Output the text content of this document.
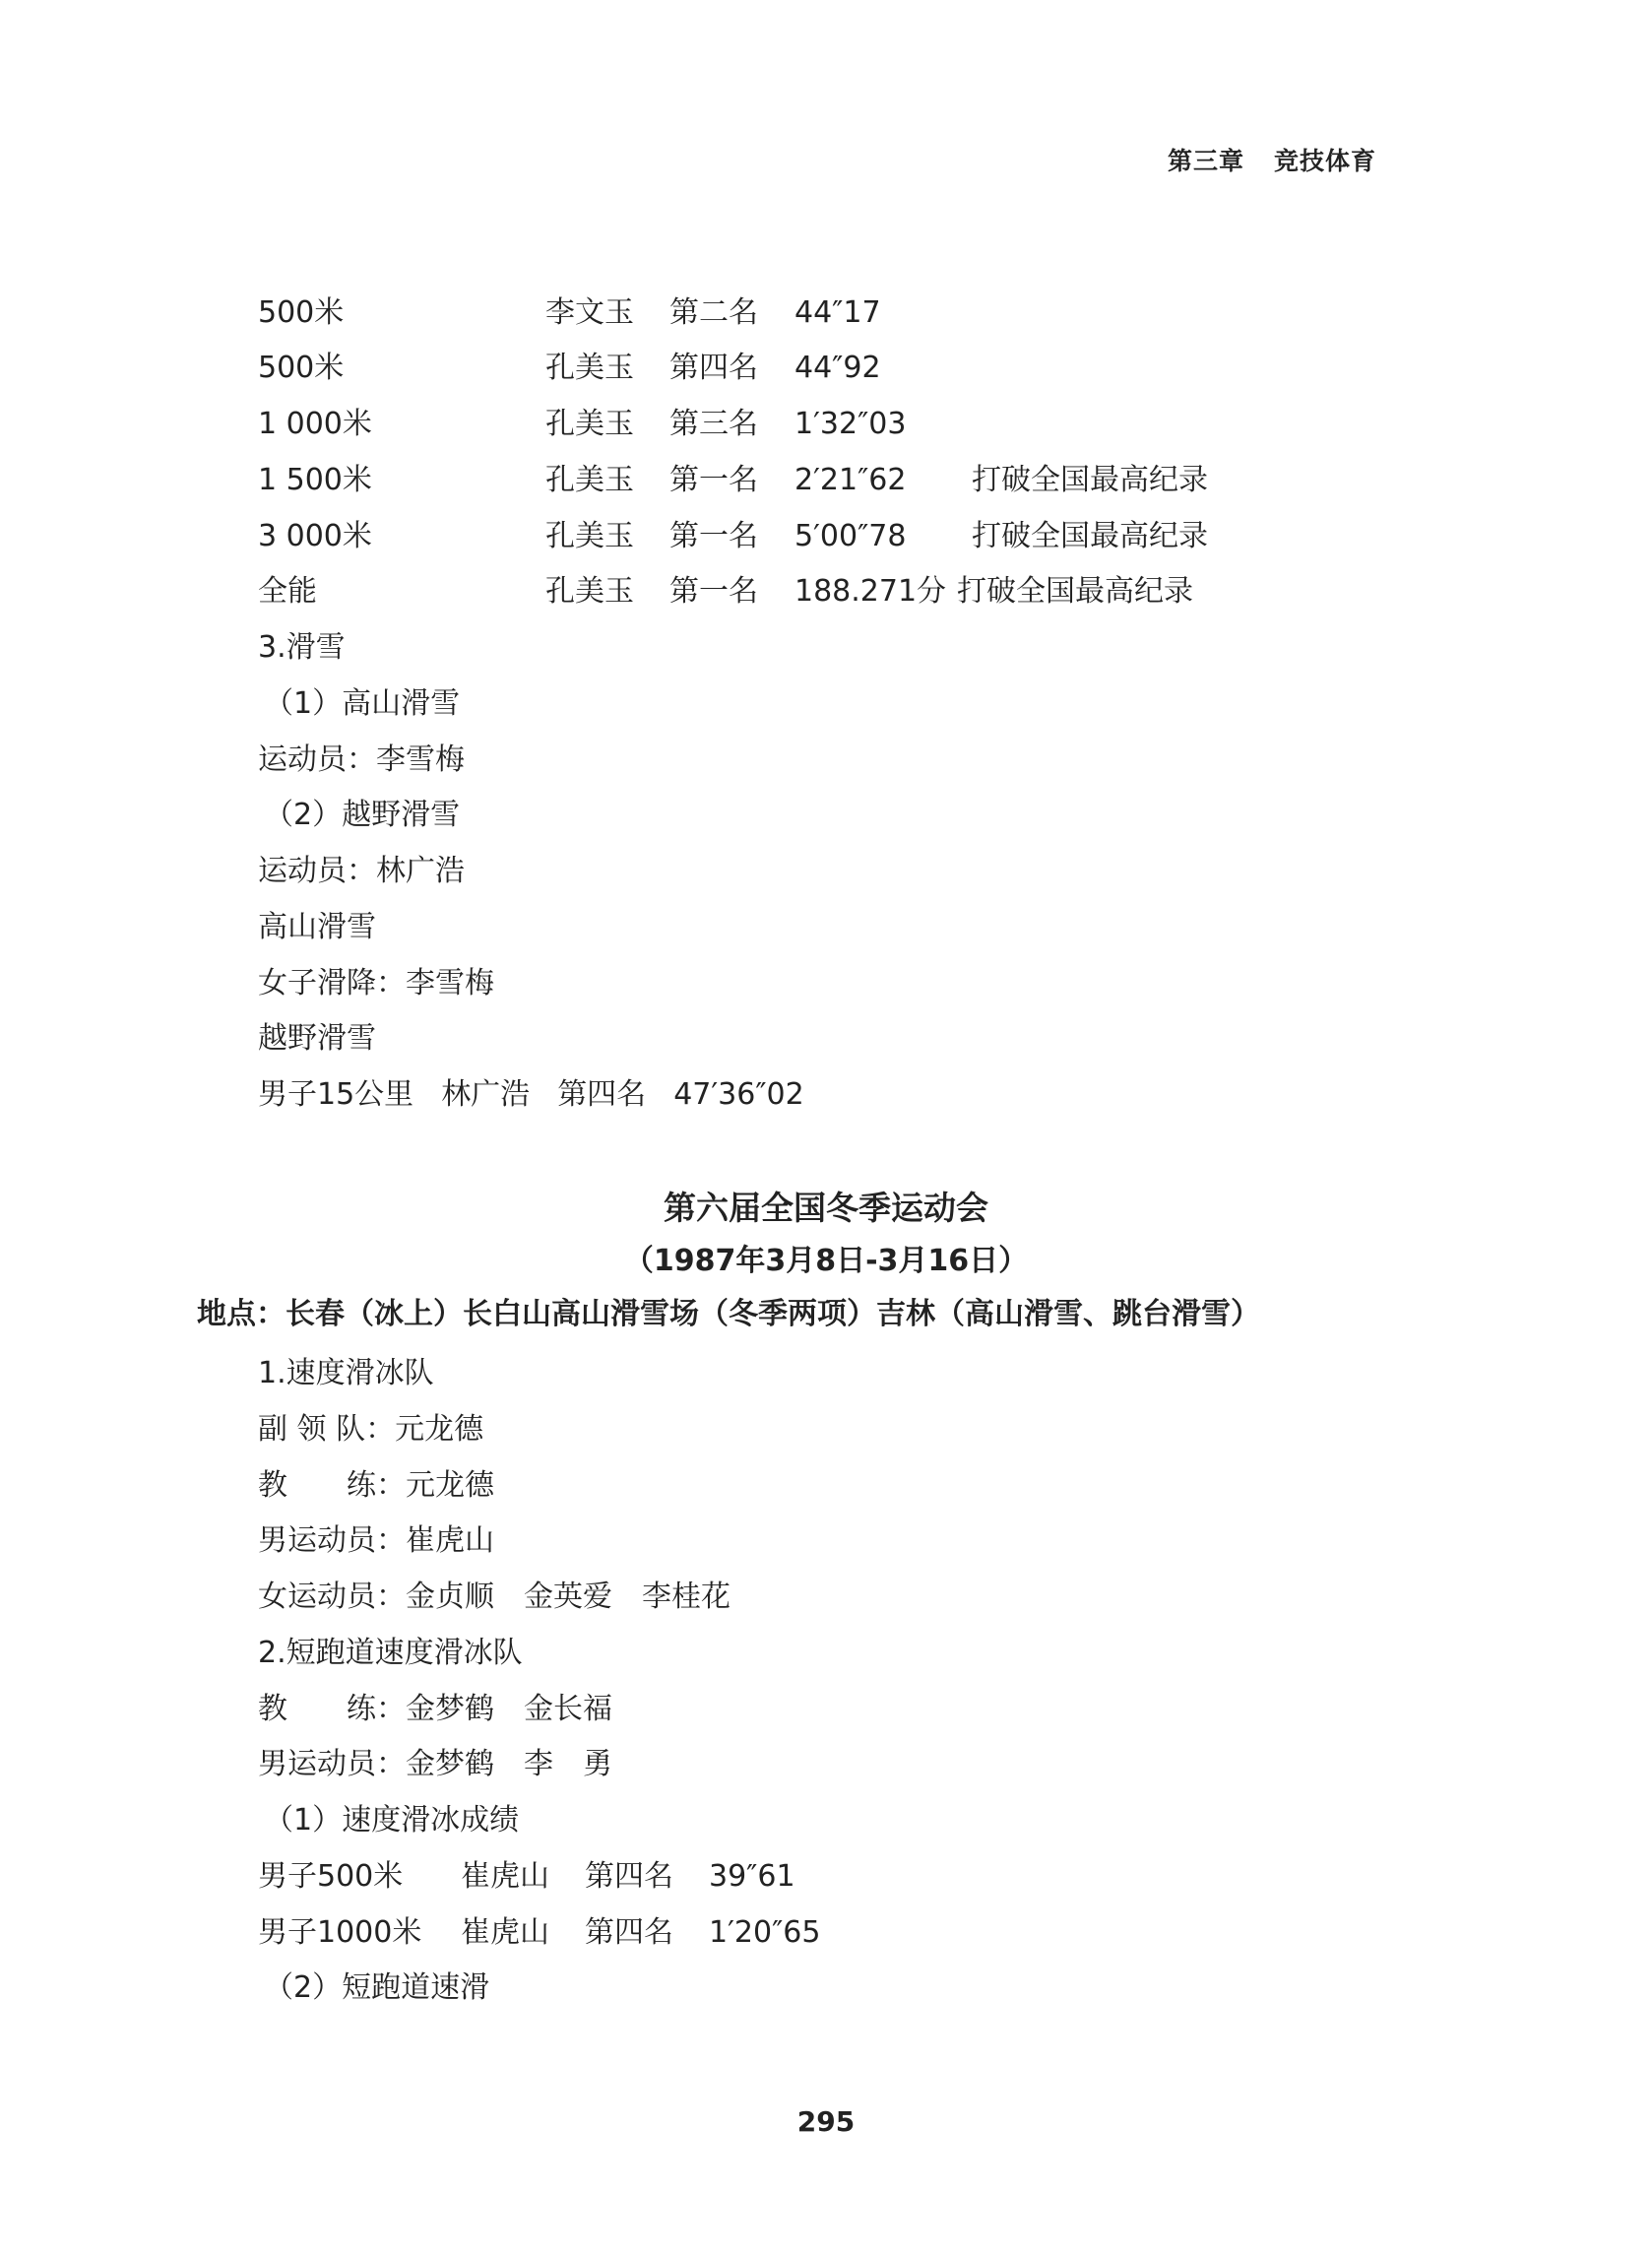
第三章 竞技体育
500米	李文玉 第二名 44″17
500米	孔美玉 第四名 44″92
1 000米	孔美玉 第三名 1′32″03
1 500米	孔美玉 第一名 2′21″62 打破全国最高纪录
3 000米	孔美玉 第一名 5′00″78 打破全国最高纪录
全能	孔美玉 第一名 188.271分 打破全国最高纪录
3.滑雪
（1）高山滑雪
运动员：李雪梅
（2）越野滑雪
运动员：林广浩
高山滑雪
女子滑降：李雪梅
越野滑雪
男子15公里 林广浩 第四名 47′36″02
第六届全国冬季运动会
（1987年3月8日-3月16日）
地点：长春（冰上）长白山高山滑雪场（冬季两项）吉林（高山滑雪、跳台滑雪）
1.速度滑冰队
副 领 队：元龙德
教　　练：元龙德
男运动员：崔虎山
女运动员：金贞顺　金英爱　李桂花
2.短跑道速度滑冰队
教　　练：金梦鹤　金长福
男运动员：金梦鹤　李　勇
（1）速度滑冰成绩
男子500米 崔虎山 第四名 39″61
男子1000米 崔虎山 第四名 1′20″65
（2）短跑道速滑
295
